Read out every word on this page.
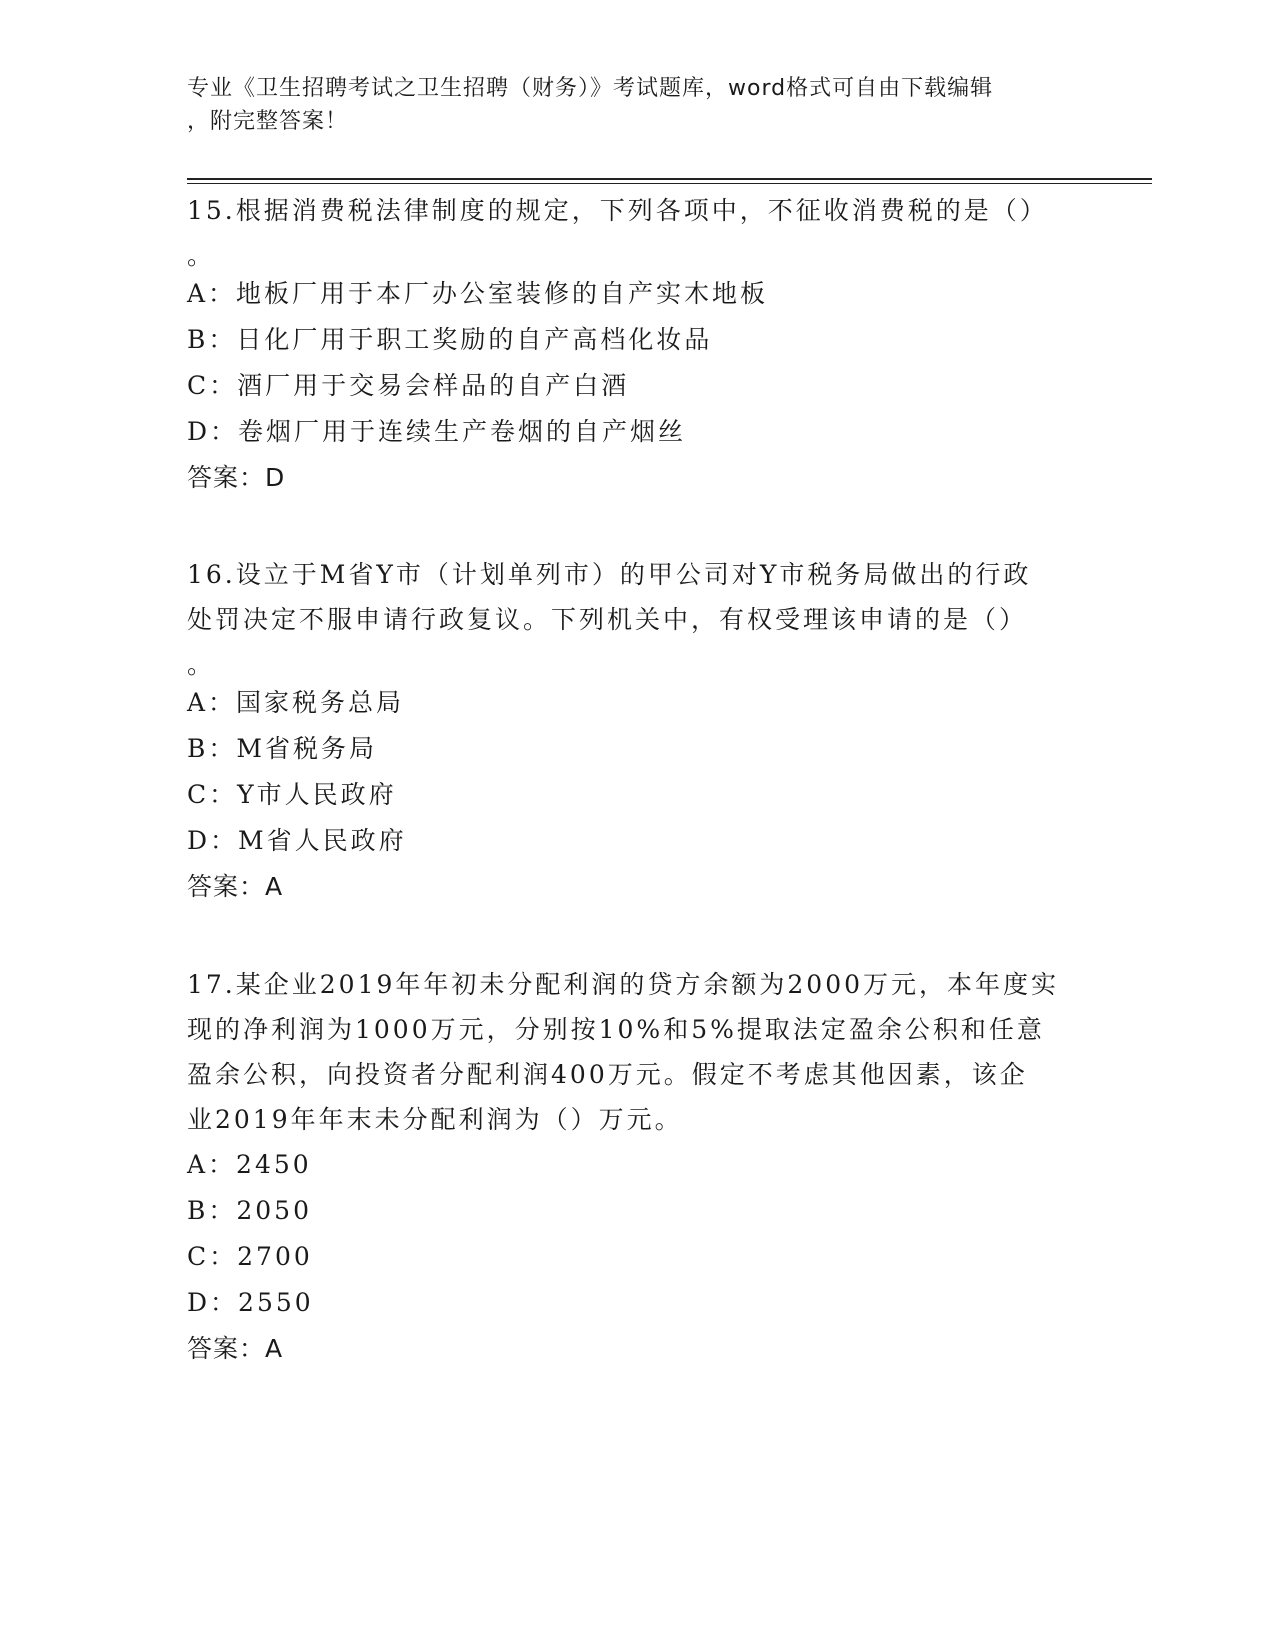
专业《卫生招聘考试之卫生招聘（财务）》考试题库，word格式可自由下载编辑
，附完整答案！
15.根据消费税法律制度的规定，下列各项中，不征收消费税的是（）
。
A：地板厂用于本厂办公室装修的自产实木地板
B：日化厂用于职工奖励的自产高档化妆品
C：酒厂用于交易会样品的自产白酒
D：卷烟厂用于连续生产卷烟的自产烟丝
答案：D
16.设立于M省Y市（计划单列市）的甲公司对Y市税务局做出的行政
处罚决定不服申请行政复议。下列机关中，有权受理该申请的是（）
。
A：国家税务总局
B：M省税务局
C：Y市人民政府
D：M省人民政府
答案：A
17.某企业2019年年初未分配利润的贷方余额为2000万元，本年度实
现的净利润为1000万元，分别按10%和5%提取法定盈余公积和任意
盈余公积，向投资者分配利润400万元。假定不考虑其他因素，该企
业2019年年末未分配利润为（）万元。
A：2450
B：2050
C：2700
D：2550
答案：A
